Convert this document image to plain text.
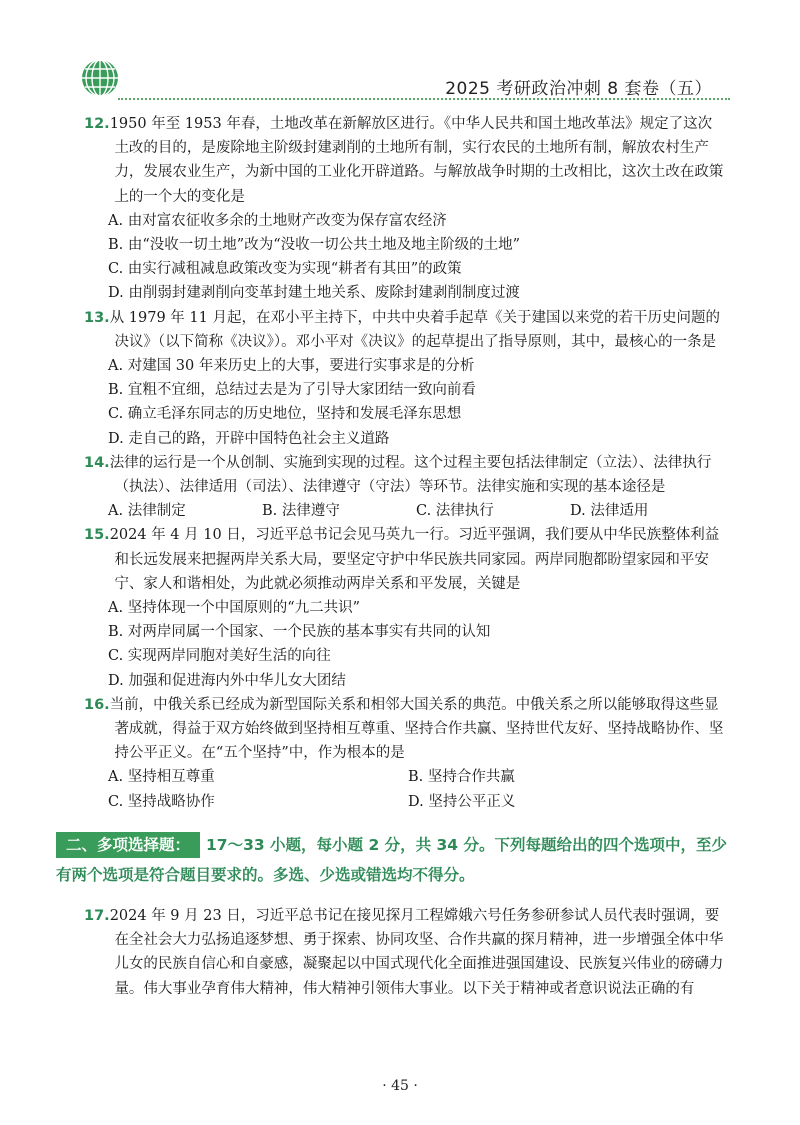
2025 考研政治冲刺 8 套卷（五）
12.1950 年至 1953 年春，土地改革在新解放区进行。《中华人民共和国土地改革法》规定了这次土改的目的，是废除地主阶级封建剥削的土地所有制，实行农民的土地所有制，解放农村生产力，发展农业生产，为新中国的工业化开辟道路。与解放战争时期的土改相比，这次土改在政策上的一个大的变化是
A. 由对富农征收多余的土地财产改变为保存富农经济
B. 由“没收一切土地”改为“没收一切公共土地及地主阶级的土地”
C. 由实行减租减息政策改变为实现“耕者有其田”的政策
D. 由削弱封建剥削向变革封建土地关系、废除封建剥削制度过渡
13.从 1979 年 11 月起，在邓小平主持下，中共中央着手起草《关于建国以来党的若干历史问题的决议》（以下简称《决议》）。邓小平对《决议》的起草提出了指导原则，其中，最核心的一条是
A. 对建国 30 年来历史上的大事，要进行实事求是的分析
B. 宜粗不宜细，总结过去是为了引导大家团结一致向前看
C. 确立毛泽东同志的历史地位，坚持和发展毛泽东思想
D. 走自己的路，开辟中国特色社会主义道路
14.法律的运行是一个从创制、实施到实现的过程。这个过程主要包括法律制定（立法）、法律执行（执法）、法律适用（司法）、法律遵守（守法）等环节。法律实施和实现的基本途径是
A. 法律制定	B. 法律遵守	C. 法律执行	D. 法律适用
15.2024 年 4 月 10 日，习近平总书记会见马英九一行。习近平强调，我们要从中华民族整体利益和长远发展来把握两岸关系大局，要坚定守护中华民族共同家园。两岸同胞都盼望家园和平安宁、家人和谐相处，为此就必须推动两岸关系和平发展，关键是
A. 坚持体现一个中国原则的“九二共识”
B. 对两岸同属一个国家、一个民族的基本事实有共同的认知
C. 实现两岸同胞对美好生活的向往
D. 加强和促进海内外中华儿女大团结
16.当前，中俄关系已经成为新型国际关系和相邻大国关系的典范。中俄关系之所以能够取得这些显著成就，得益于双方始终做到坚持相互尊重、坚持合作共赢、坚持世代友好、坚持战略协作、坚持公平正义。在“五个坚持”中，作为根本的是
A. 坚持相互尊重	B. 坚持合作共赢
C. 坚持战略协作	D. 坚持公平正义
二、多项选择题： 17～33 小题，每小题 2 分，共 34 分。下列每题给出的四个选项中，至少有两个选项是符合题目要求的。多选、少选或错选均不得分。
17.2024 年 9 月 23 日，习近平总书记在接见探月工程嫦娥六号任务参研参试人员代表时强调，要在全社会大力弘扬追逐梦想、勇于探索、协同攻坚、合作共赢的探月精神，进一步增强全体中华儿女的民族自信心和自豪感，凝聚起以中国式现代化全面推进强国建设、民族复兴伟业的磅礴力量。伟大事业孕育伟大精神，伟大精神引领伟大事业。以下关于精神或者意识说法正确的有
· 45 ·
